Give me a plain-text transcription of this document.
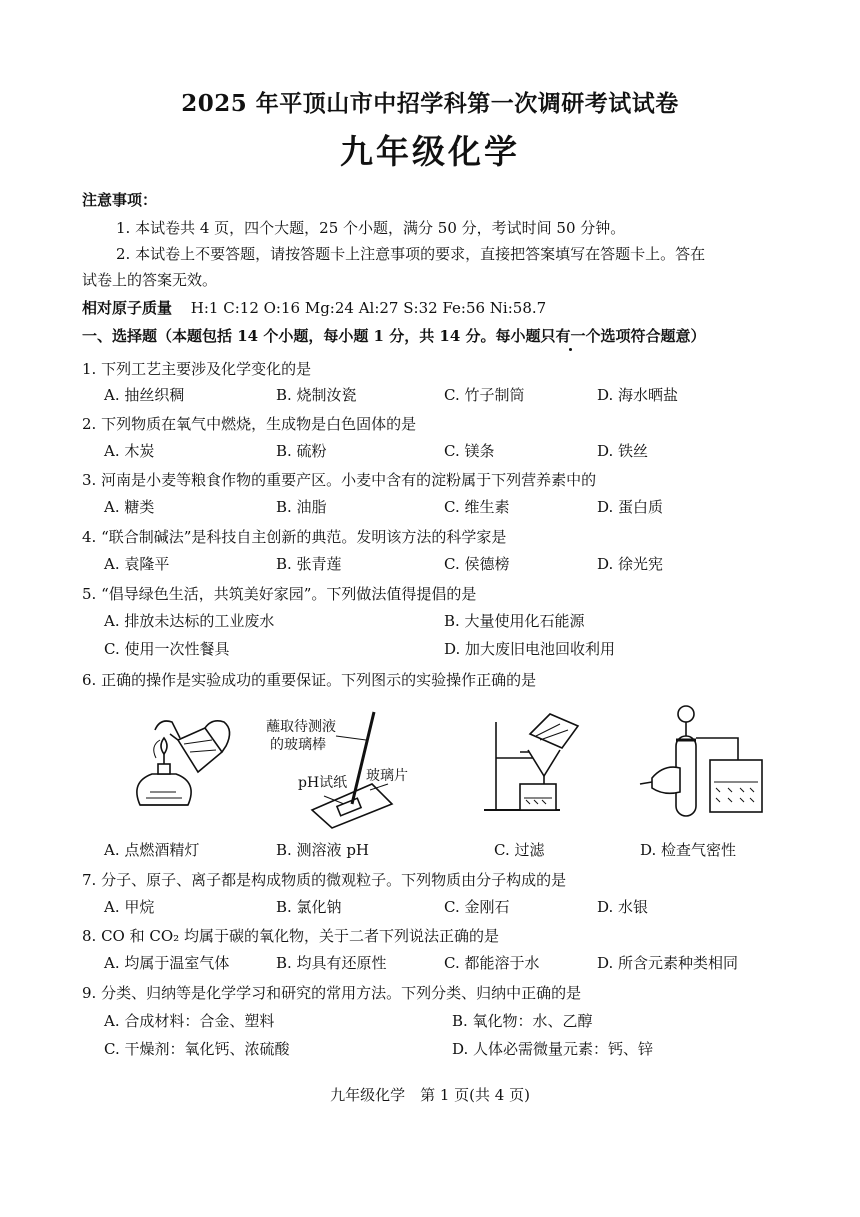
2025 年平顶山市中招学科第一次调研考试试卷
九年级化学
注意事项：
1. 本试卷共 4 页，四个大题，25 个小题，满分 50 分，考试时间 50 分钟。
2. 本试卷上不要答题，请按答题卡上注意事项的要求，直接把答案填写在答题卡上。答在
试卷上的答案无效。
相对原子质量 H:1 C:12 O:16 Mg:24 Al:27 S:32 Fe:56 Ni:58.7
一、选择题（本题包括 14 个小题，每小题 1 分，共 14 分。每小题只有一个选项符合题意）
1. 下列工艺主要涉及化学变化的是
A. 抽丝织稠	B. 烧制汝瓷	C. 竹子制筒	D. 海水晒盐
2. 下列物质在氧气中燃烧，生成物是白色固体的是
A. 木炭	B. 硫粉	C. 镁条	D. 铁丝
3. 河南是小麦等粮食作物的重要产区。小麦中含有的淀粉属于下列营养素中的
A. 糖类	B. 油脂	C. 维生素	D. 蛋白质
4. “联合制碱法”是科技自主创新的典范。发明该方法的科学家是
A. 袁隆平	B. 张青莲	C. 侯德榜	D. 徐光宪
5. “倡导绿色生活，共筑美好家园”。下列做法值得提倡的是
A. 排放未达标的工业废水	B. 大量使用化石能源
C. 使用一次性餐具	D. 加大废旧电池回收利用
6. 正确的操作是实验成功的重要保证。下列图示的实验操作正确的是
蘸取待测液
的玻璃棒
pH试纸 玻璃片
A. 点燃酒精灯	B. 测溶液 pH	C. 过滤	D. 检查气密性
7. 分子、原子、离子都是构成物质的微观粒子。下列物质由分子构成的是
A. 甲烷	B. 氯化钠	C. 金刚石	D. 水银
8. CO 和 CO₂ 均属于碳的氧化物，关于二者下列说法正确的是
A. 均属于温室气体	B. 均具有还原性	C. 都能溶于水	D. 所含元素种类相同
9. 分类、归纳等是化学学习和研究的常用方法。下列分类、归纳中正确的是
A. 合成材料：合金、塑料	B. 氧化物：水、乙醇
C. 干燥剂：氧化钙、浓硫酸	D. 人体必需微量元素：钙、锌
九年级化学　第 1 页(共 4 页)
